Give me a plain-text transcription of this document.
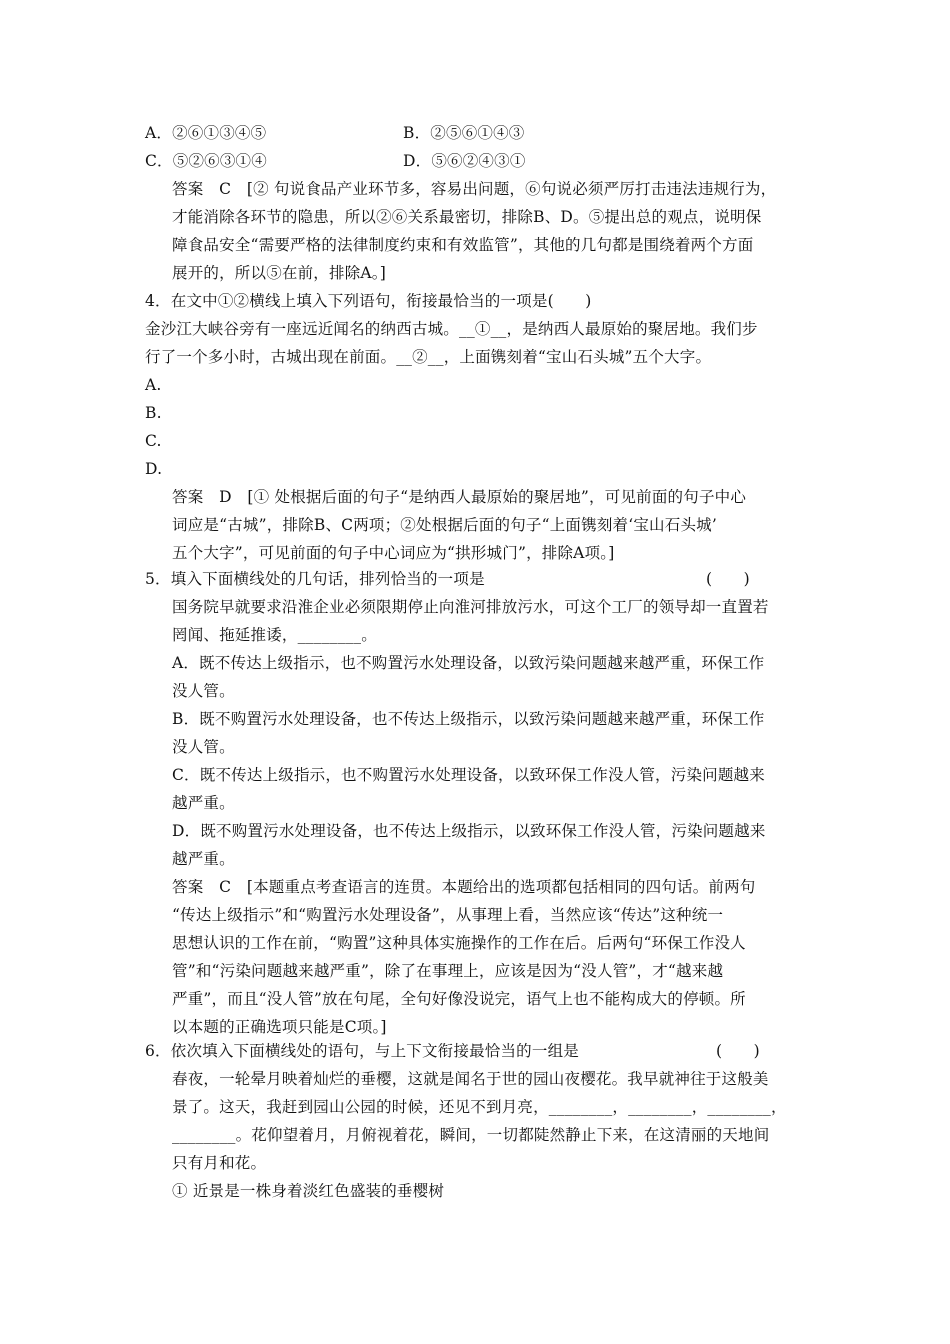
A．②⑥①③④⑤	B．②⑤⑥①④③
C．⑤②⑥③①④	D．⑤⑥②④③①
答案　C　[② 句说食品产业环节多，容易出问题，⑥句说必须严厉打击违法违规行为，
才能消除各环节的隐患，所以②⑥关系最密切，排除B、D。⑤提出总的观点，说明保
障食品安全“需要严格的法律制度约束和有效监管”，其他的几句都是围绕着两个方面
展开的，所以⑤在前，排除A。]
4．在文中①②横线上填入下列语句，衔接最恰当的一项是(　　)
金沙江大峡谷旁有一座远近闻名的纳西古城。__①__，是纳西人最原始的聚居地。我们步
行了一个多小时，古城出现在前面。__②__，上面镌刻着“宝山石头城”五个大字。
A.
B.
C.
D.
答案　D　[① 处根据后面的句子“是纳西人最原始的聚居地”，可见前面的句子中心
词应是“古城”，排除B、C两项；②处根据后面的句子“上面镌刻着‘宝山石头城’
五个大字”，可见前面的句子中心词应为“拱形城门”，排除A项。]
5．填入下面横线处的几句话，排列恰当的一项是	(　　)
国务院早就要求沿淮企业必须限期停止向淮河排放污水，可这个工厂的领导却一直置若
罔闻、拖延推诿，________。
A．既不传达上级指示，也不购置污水处理设备，以致污染问题越来越严重，环保工作
没人管。
B．既不购置污水处理设备，也不传达上级指示，以致污染问题越来越严重，环保工作
没人管。
C．既不传达上级指示，也不购置污水处理设备，以致环保工作没人管，污染问题越来
越严重。
D．既不购置污水处理设备，也不传达上级指示，以致环保工作没人管，污染问题越来
越严重。
答案　C　[本题重点考查语言的连贯。本题给出的选项都包括相同的四句话。前两句
“传达上级指示”和“购置污水处理设备”，从事理上看，当然应该“传达”这种统一
思想认识的工作在前，“购置”这种具体实施操作的工作在后。后两句“环保工作没人
管”和“污染问题越来越严重”，除了在事理上，应该是因为“没人管”，才“越来越
严重”，而且“没人管”放在句尾，全句好像没说完，语气上也不能构成大的停顿。所
以本题的正确选项只能是C项。]
6．依次填入下面横线处的语句，与上下文衔接最恰当的一组是	(　　)
春夜，一轮晕月映着灿烂的垂樱，这就是闻名于世的园山夜樱花。我早就神往于这般美
景了。这天，我赶到园山公园的时候，还见不到月亮，________，________，________，
________。花仰望着月，月俯视着花，瞬间，一切都陡然静止下来，在这清丽的天地间
只有月和花。
① 近景是一株身着淡红色盛装的垂樱树
